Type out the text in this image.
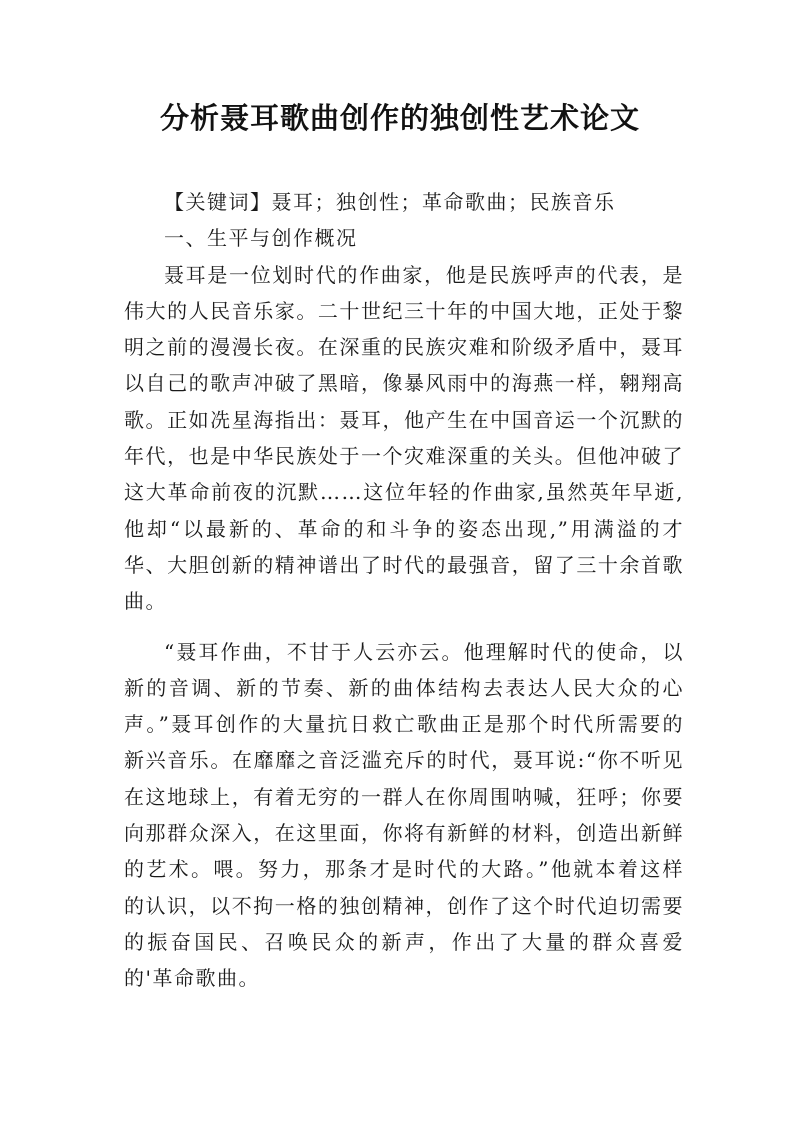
分析聂耳歌曲创作的独创性艺术论文

【关键词】聂耳；独创性；革命歌曲；民族音乐

一、生平与创作概况

聂耳是一位划时代的作曲家，他是民族呼声的代表，是伟大的人民音乐家。二十世纪三十年的中国大地，正处于黎明之前的漫漫长夜。在深重的民族灾难和阶级矛盾中，聂耳以自己的歌声冲破了黑暗，像暴风雨中的海燕一样，翱翔高歌。正如冼星海指出：聂耳，他产生在中国音运一个沉默的年代，也是中华民族处于一个灾难深重的关头。但他冲破了这大革命前夜的沉默……这位年轻的作曲家,虽然英年早逝,他却“以最新的、革命的和斗争的姿态出现,”用满溢的才华、大胆创新的精神谱出了时代的最强音，留了三十余首歌曲。

“聂耳作曲，不甘于人云亦云。他理解时代的使命，以新的音调、新的节奏、新的曲体结构去表达人民大众的心声。”聂耳创作的大量抗日救亡歌曲正是那个时代所需要的新兴音乐。在靡靡之音泛滥充斥的时代，聂耳说:“你不听见在这地球上，有着无穷的一群人在你周围呐喊，狂呼；你要向那群众深入，在这里面，你将有新鲜的材料，创造出新鲜的艺术。喂。努力，那条才是时代的大路。”他就本着这样的认识，以不拘一格的独创精神，创作了这个时代迫切需要的振奋国民、召唤民众的新声，作出了大量的群众喜爱的'革命歌曲。
